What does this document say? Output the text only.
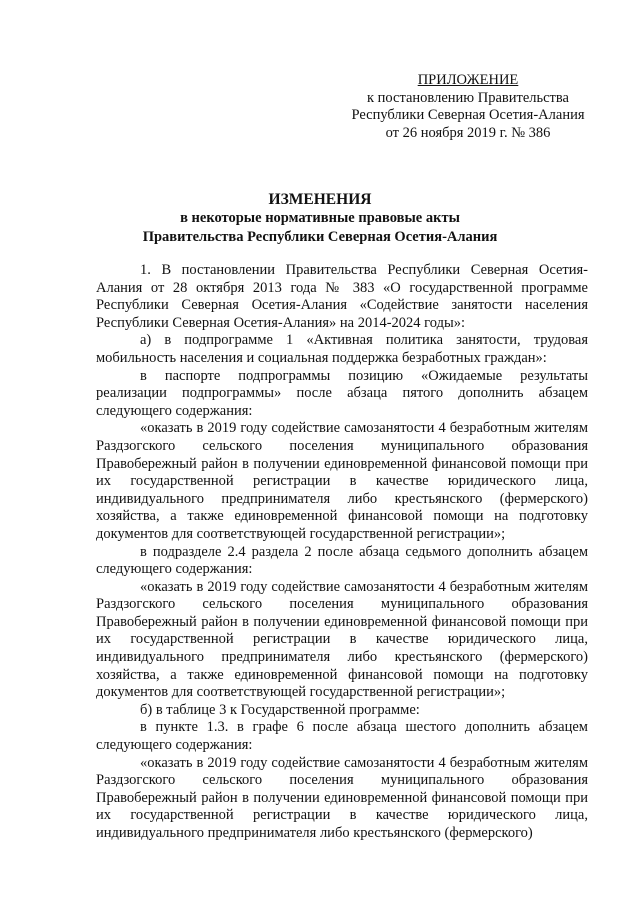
ПРИЛОЖЕНИЕ
к постановлению Правительства
Республики Северная Осетия-Алания
от 26 ноября 2019 г. № 386
ИЗМЕНЕНИЯ
в некоторые нормативные правовые акты
Правительства Республики Северная Осетия-Алания

1. В постановлении Правительства Республики Северная Осетия-Алания от 28 октября 2013 года № 383 «О государственной программе Республики Северная Осетия-Алания «Содействие занятости населения Республики Северная Осетия-Алания» на 2014-2024 годы»:

а) в подпрограмме 1 «Активная политика занятости, трудовая мобильность населения и социальная поддержка безработных граждан»:

в паспорте подпрограммы позицию «Ожидаемые результаты реализации подпрограммы» после абзаца пятого дополнить абзацем следующего содержания:

«оказать в 2019 году содействие самозанятости 4 безработным жителям Раздзогского сельского поселения муниципального образования Правобережный район в получении единовременной финансовой помощи при их государственной регистрации в качестве юридического лица, индивидуального предпринимателя либо крестьянского (фермерского) хозяйства, а также единовременной финансовой помощи на подготовку документов для соответствующей государственной регистрации»;

в подразделе 2.4 раздела 2 после абзаца седьмого дополнить абзацем следующего содержания:

«оказать в 2019 году содействие самозанятости 4 безработным жителям Раздзогского сельского поселения муниципального образования Правобережный район в получении единовременной финансовой помощи при их государственной регистрации в качестве юридического лица, индивидуального предпринимателя либо крестьянского (фермерского) хозяйства, а также единовременной финансовой помощи на подготовку документов для соответствующей государственной регистрации»;

б) в таблице 3 к Государственной программе:

в пункте 1.3. в графе 6 после абзаца шестого дополнить абзацем следующего содержания:

«оказать в 2019 году содействие самозанятости 4 безработным жителям Раздзогского сельского поселения муниципального образования Правобережный район в получении единовременной финансовой помощи при их государственной регистрации в качестве юридического лица, индивидуального предпринимателя либо крестьянского (фермерского)
